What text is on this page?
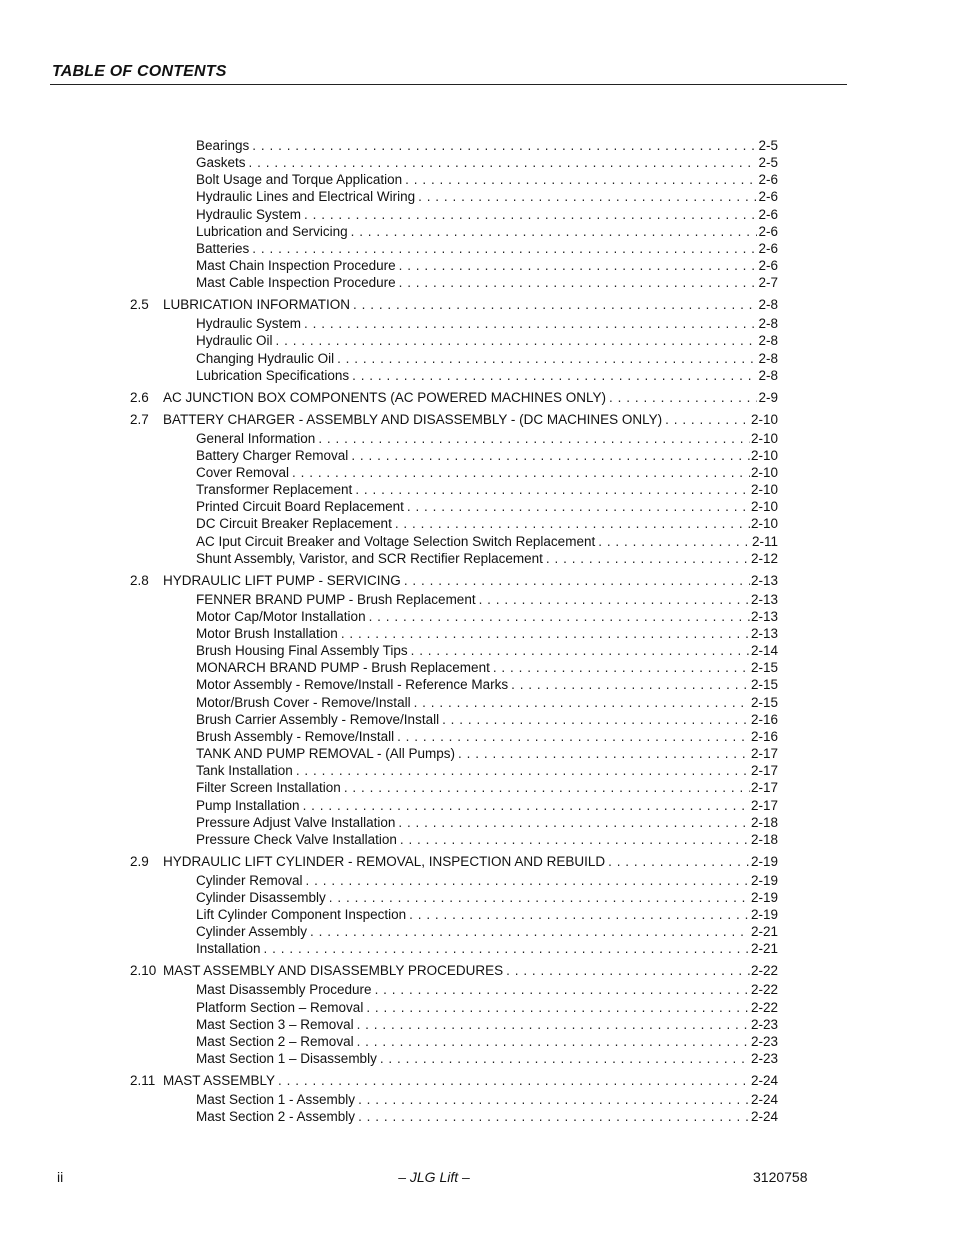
TABLE OF CONTENTS
Bearings . . .	2-5
Gaskets . . .	2-5
Bolt Usage and Torque Application . . .	2-6
Hydraulic Lines and Electrical Wiring . . .	2-6
Hydraulic System . . .	2-6
Lubrication and Servicing . . .	2-6
Batteries . . .	2-6
Mast Chain Inspection Procedure . . .	2-6
Mast Cable Inspection Procedure . . .	2-7
2.5	LUBRICATION INFORMATION . . .	2-8
Hydraulic System . . .	2-8
Hydraulic Oil . . .	2-8
Changing Hydraulic Oil . . .	2-8
Lubrication Specifications . . .	2-8
2.6	AC JUNCTION BOX COMPONENTS (AC POWERED MACHINES ONLY) . . .	2-9
2.7	BATTERY CHARGER - ASSEMBLY AND DISASSEMBLY - (DC MACHINES ONLY) . . .	2-10
General Information . . .	2-10
Battery Charger Removal . . .	2-10
Cover Removal . . .	2-10
Transformer Replacement . . .	2-10
Printed Circuit Board Replacement . . .	2-10
DC Circuit Breaker Replacement . . .	2-10
AC Iput Circuit Breaker and Voltage Selection Switch Replacement . . .	2-11
Shunt Assembly, Varistor, and SCR Rectifier Replacement . . .	2-12
2.8	HYDRAULIC LIFT PUMP - SERVICING . . .	2-13
FENNER BRAND PUMP - Brush Replacement . . .	2-13
Motor Cap/Motor Installation . . .	2-13
Motor Brush Installation . . .	2-13
Brush Housing Final Assembly Tips . . .	2-14
MONARCH BRAND PUMP - Brush Replacement . . .	2-15
Motor Assembly - Remove/Install - Reference Marks . . .	2-15
Motor/Brush Cover - Remove/Install . . .	2-15
Brush Carrier Assembly - Remove/Install . . .	2-16
Brush Assembly - Remove/Install . . .	2-16
TANK AND PUMP REMOVAL - (All Pumps) . . .	2-17
Tank Installation . . .	2-17
Filter Screen Installation . . .	2-17
Pump Installation . . .	2-17
Pressure Adjust Valve Installation . . .	2-18
Pressure Check Valve Installation . . .	2-18
2.9	HYDRAULIC LIFT CYLINDER - REMOVAL, INSPECTION AND REBUILD . . .	2-19
Cylinder Removal . . .	2-19
Cylinder Disassembly . . .	2-19
Lift Cylinder Component Inspection . . .	2-19
Cylinder Assembly . . .	2-21
Installation . . .	2-21
2.10 MAST ASSEMBLY AND DISASSEMBLY PROCEDURES . . .	2-22
Mast Disassembly Procedure . . .	2-22
Platform Section – Removal . . .	2-22
Mast Section 3 – Removal . . .	2-23
Mast Section 2 – Removal . . .	2-23
Mast Section 1 – Disassembly . . .	2-23
2.11 MAST ASSEMBLY . . .	2-24
Mast Section 1 - Assembly . . .	2-24
Mast Section 2 - Assembly . . .	2-24
ii	– JLG Lift –	3120758
